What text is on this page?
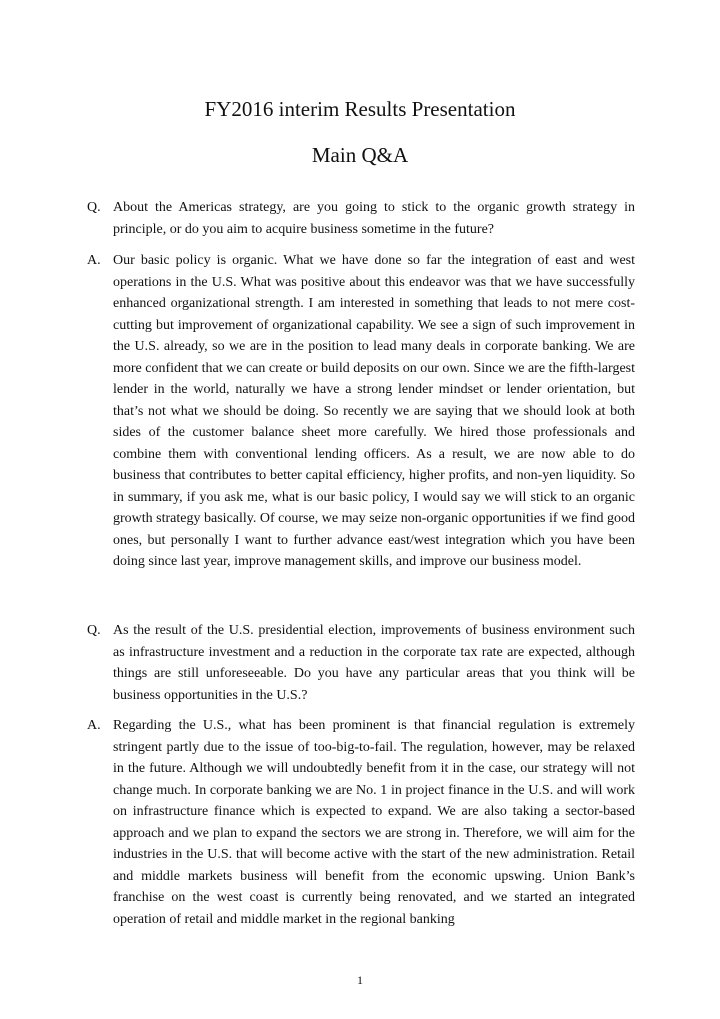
FY2016 interim Results Presentation
Main Q&A
Q. About the Americas strategy, are you going to stick to the organic growth strategy in principle, or do you aim to acquire business sometime in the future?
A. Our basic policy is organic. What we have done so far the integration of east and west operations in the U.S. What was positive about this endeavor was that we have successfully enhanced organizational strength. I am interested in something that leads to not mere cost-cutting but improvement of organizational capability. We see a sign of such improvement in the U.S. already, so we are in the position to lead many deals in corporate banking. We are more confident that we can create or build deposits on our own. Since we are the fifth-largest lender in the world, naturally we have a strong lender mindset or lender orientation, but that’s not what we should be doing. So recently we are saying that we should look at both sides of the customer balance sheet more carefully. We hired those professionals and combine them with conventional lending officers. As a result, we are now able to do business that contributes to better capital efficiency, higher profits, and non-yen liquidity. So in summary, if you ask me, what is our basic policy, I would say we will stick to an organic growth strategy basically. Of course, we may seize non-organic opportunities if we find good ones, but personally I want to further advance east/west integration which you have been doing since last year, improve management skills, and improve our business model.
Q. As the result of the U.S. presidential election, improvements of business environment such as infrastructure investment and a reduction in the corporate tax rate are expected, although things are still unforeseeable. Do you have any particular areas that you think will be business opportunities in the U.S.?
A. Regarding the U.S., what has been prominent is that financial regulation is extremely stringent partly due to the issue of too-big-to-fail. The regulation, however, may be relaxed in the future. Although we will undoubtedly benefit from it in the case, our strategy will not change much. In corporate banking we are No. 1 in project finance in the U.S. and will work on infrastructure finance which is expected to expand. We are also taking a sector-based approach and we plan to expand the sectors we are strong in. Therefore, we will aim for the industries in the U.S. that will become active with the start of the new administration. Retail and middle markets business will benefit from the economic upswing. Union Bank’s franchise on the west coast is currently being renovated, and we started an integrated operation of retail and middle market in the regional banking
1
